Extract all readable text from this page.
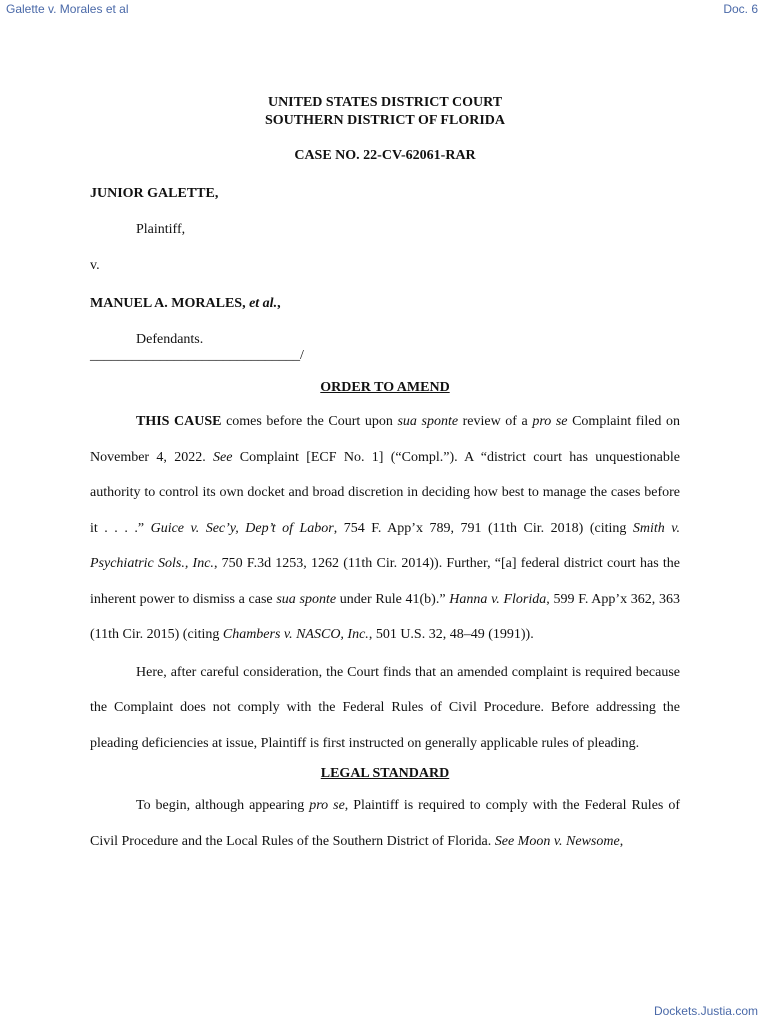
Galette v. Morales et al	Doc. 6
UNITED STATES DISTRICT COURT
SOUTHERN DISTRICT OF FLORIDA
CASE NO. 22-CV-62061-RAR
JUNIOR GALETTE,
Plaintiff,
v.
MANUEL A. MORALES, et al.,
Defendants.
______________________________/
ORDER TO AMEND

THIS CAUSE comes before the Court upon sua sponte review of a pro se Complaint filed on November 4, 2022. See Complaint [ECF No. 1] (“Compl.”). A “district court has unquestionable authority to control its own docket and broad discretion in deciding how best to manage the cases before it . . . .” Guice v. Sec’y, Dep’t of Labor, 754 F. App’x 789, 791 (11th Cir. 2018) (citing Smith v. Psychiatric Sols., Inc., 750 F.3d 1253, 1262 (11th Cir. 2014)). Further, “[a] federal district court has the inherent power to dismiss a case sua sponte under Rule 41(b).” Hanna v. Florida, 599 F. App’x 362, 363 (11th Cir. 2015) (citing Chambers v. NASCO, Inc., 501 U.S. 32, 48–49 (1991)).

Here, after careful consideration, the Court finds that an amended complaint is required because the Complaint does not comply with the Federal Rules of Civil Procedure. Before addressing the pleading deficiencies at issue, Plaintiff is first instructed on generally applicable rules of pleading.

LEGAL STANDARD

To begin, although appearing pro se, Plaintiff is required to comply with the Federal Rules of Civil Procedure and the Local Rules of the Southern District of Florida. See Moon v. Newsome,

Dockets.Justia.com
